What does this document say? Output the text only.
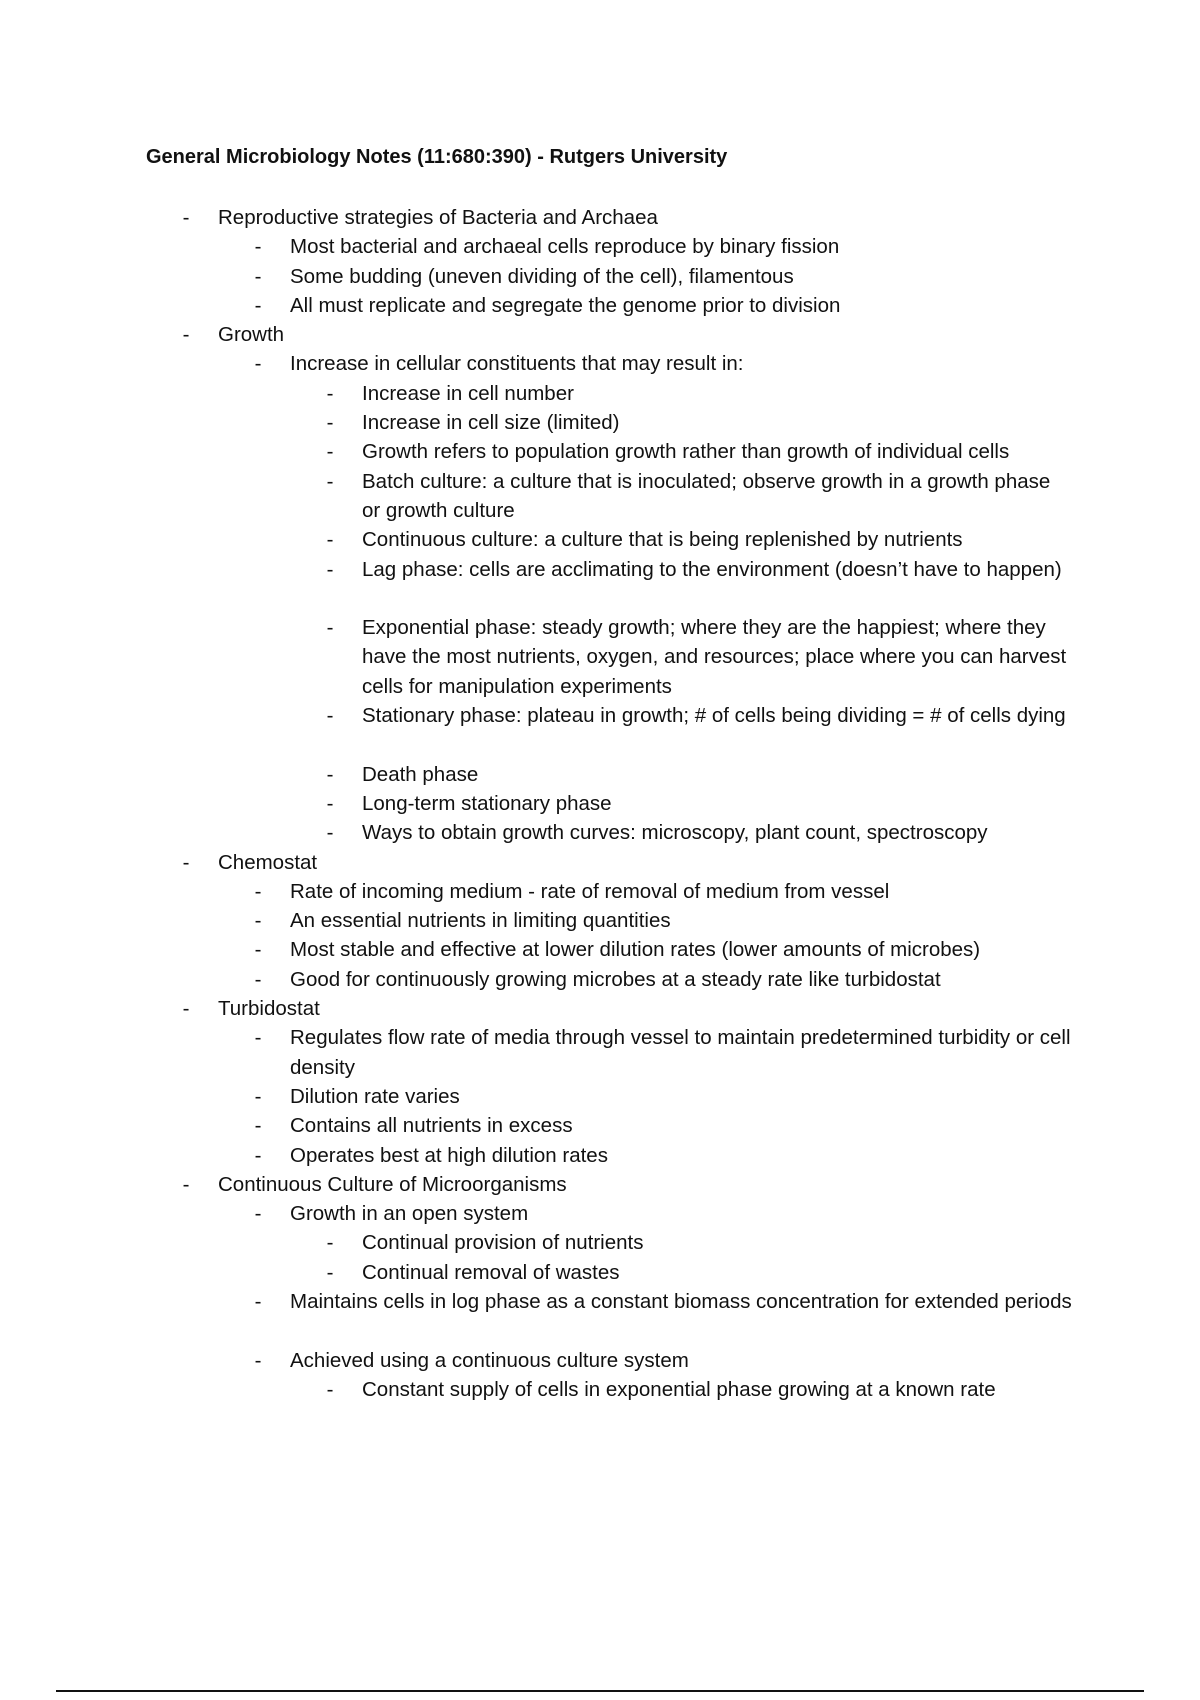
General Microbiology Notes (11:680:390) - Rutgers University
- Reproductive strategies of Bacteria and Archaea
- Most bacterial and archaeal cells reproduce by binary fission
- Some budding (uneven dividing of the cell), filamentous
- All must replicate and segregate the genome prior to division
- Growth
- Increase in cellular constituents that may result in:
- Increase in cell number
- Increase in cell size (limited)
- Growth refers to population growth rather than growth of individual cells
- Batch culture: a culture that is inoculated; observe growth in a growth phase or growth culture
- Continuous culture: a culture that is being replenished by nutrients
- Lag phase: cells are acclimating to the environment (doesn’t have to happen)
- Exponential phase: steady growth; where they are the happiest; where they have the most nutrients, oxygen, and resources; place where you can harvest cells for manipulation experiments
- Stationary phase: plateau in growth; # of cells being dividing = # of cells dying
- Death phase
- Long-term stationary phase
- Ways to obtain growth curves: microscopy, plant count, spectroscopy
- Chemostat
- Rate of incoming medium - rate of removal of medium from vessel
- An essential nutrients in limiting quantities
- Most stable and effective at lower dilution rates (lower amounts of microbes)
- Good for continuously growing microbes at a steady rate like turbidostat
- Turbidostat
- Regulates flow rate of media through vessel to maintain predetermined turbidity or cell density
- Dilution rate varies
- Contains all nutrients in excess
- Operates best at high dilution rates
- Continuous Culture of Microorganisms
- Growth in an open system
- Continual provision of nutrients
- Continual removal of wastes
- Maintains cells in log phase as a constant biomass concentration for extended periods
- Achieved using a continuous culture system
- Constant supply of cells in exponential phase growing at a known rate
